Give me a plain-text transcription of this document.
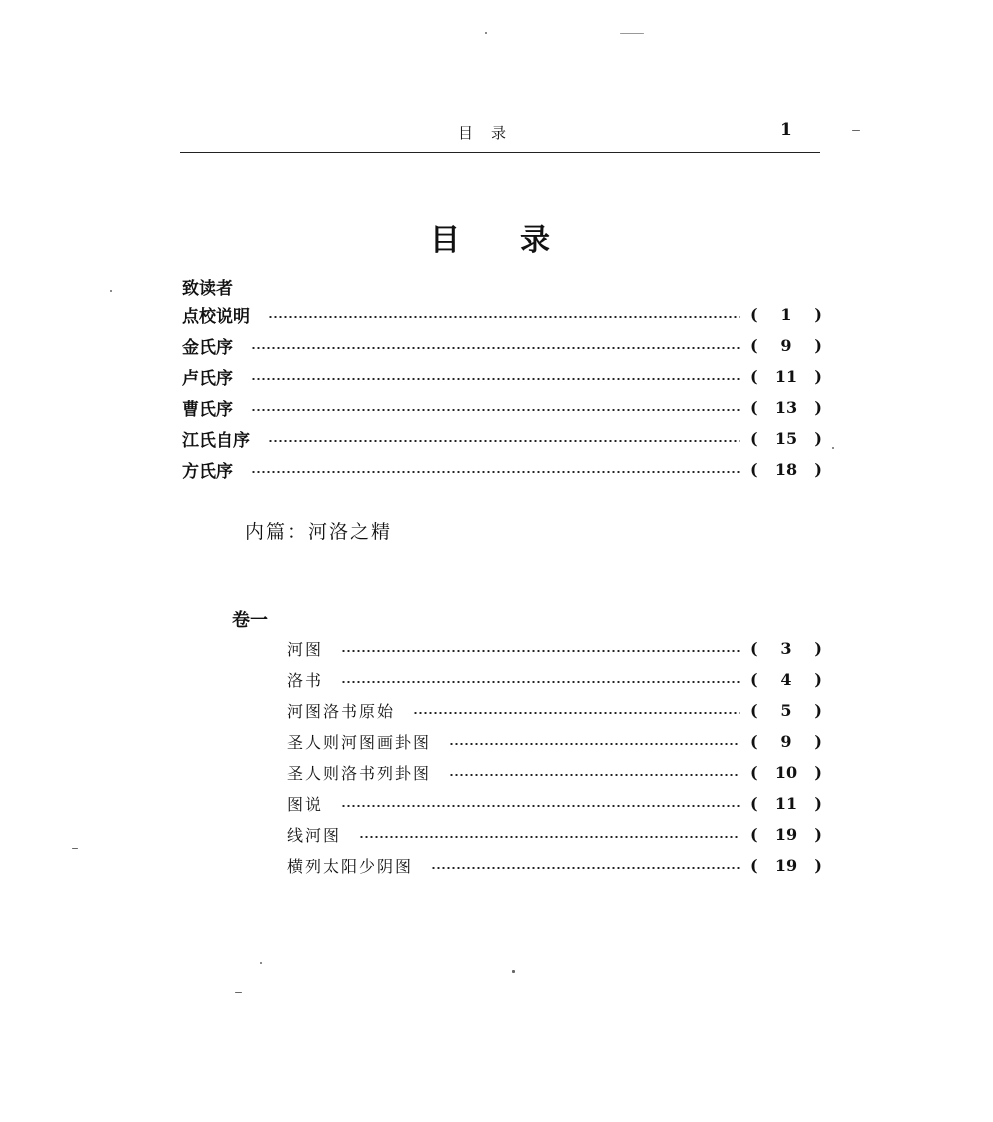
目录	1
目录
致读者
点校说明	(	1	)
金氏序	(	9	)
卢氏序	(	11	)
曹氏序	(	13	)
江氏自序	(	15	)
方氏序	(	18	)
内篇：河洛之精
卷一
河图	(	3	)
洛书	(	4	)
河图洛书原始	(	5	)
圣人则河图画卦图	(	9	)
圣人则洛书列卦图	(	10	)
图说	(	11	)
线河图	(	19	)
横列太阳少阴图	(	19	)
